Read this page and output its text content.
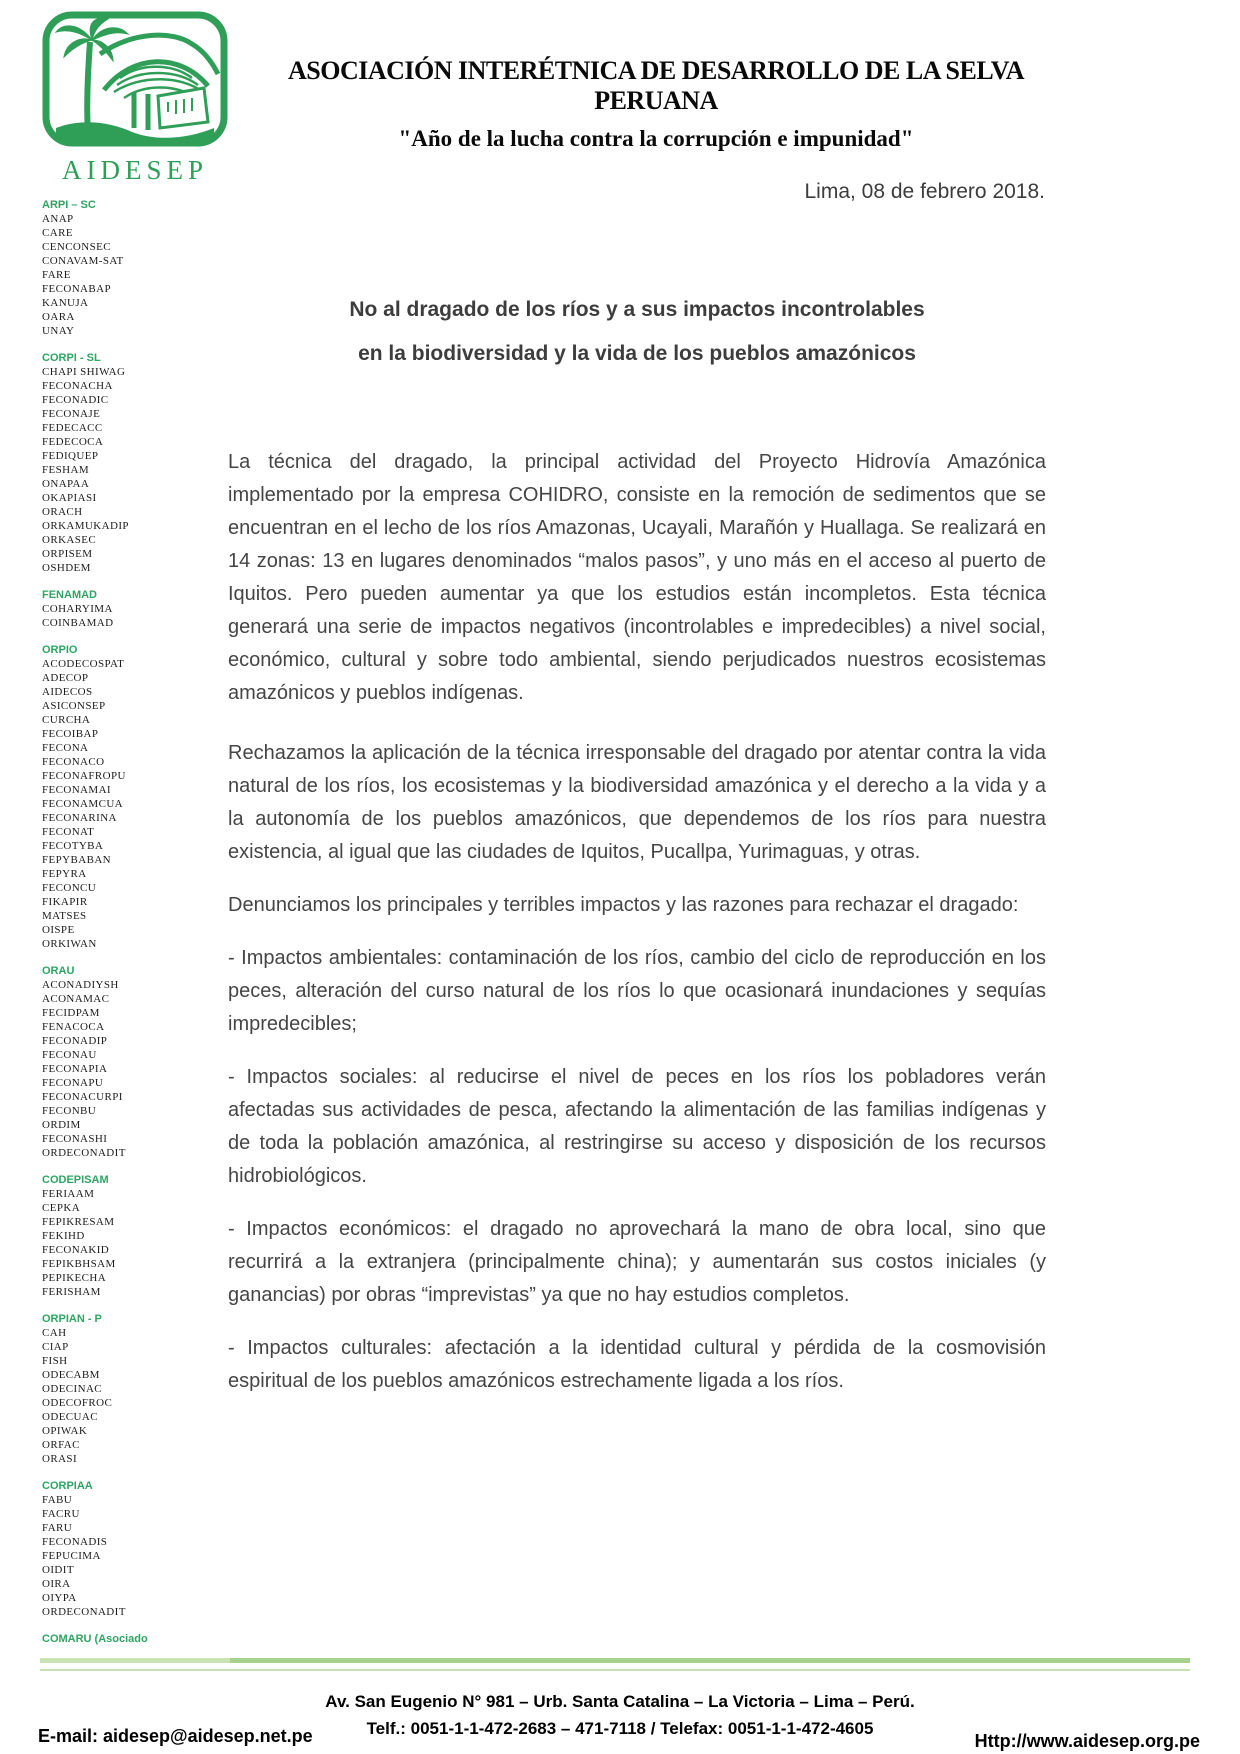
AIDESEP
ASOCIACIÓN INTERÉTNICA DE DESARROLLO DE LA SELVA PERUANA
"Año de la lucha contra la corrupción e impunidad"
Lima, 08 de febrero 2018.
ARPI – SC
ANAP
CARE
CENCONSEC
CONAVAM-SAT
FARE
FECONABAP
KANUJA
OARA
UNAY
CORPI - SL
CHAPI SHIWAG
FECONACHA
FECONADIC
FECONAJE
FEDECACC
FEDECOCA
FEDIQUEP
FESHAM
ONAPAA
OKAPIASI
ORACH
ORKAMUKADIP
ORKASEC
ORPISEM
OSHDEM
FENAMAD
COHARYIMA
COINBAMAD
ORPIO
ACODECOSPAT
ADECOP
AIDECOS
ASICONSEP
CURCHA
FECOIBAP
FECONA
FECONACO
FECONAFROPU
FECONAMAI
FECONAMCUA
FECONARINA
FECONAT
FECOTYBA
FEPYBABAN
FEPYRA
FECONCU
FIKAPIR
MATSES
OISPE
ORKIWAN
ORAU
ACONADIYSH
ACONAMAC
FECIDPAM
FENACOCA
FECONADIP
FECONAU
FECONAPIA
FECONAPU
FECONACURPI
FECONBU
ORDIM
FECONASHI
ORDECONADIT
CODEPISAM
FERIAAM
CEPKA
FEPIKRESAM
FEKIHD
FECONAKID
FEPIKBHSAM
PEPIKECHA
FERISHAM
ORPIAN - P
CAH
CIAP
FISH
ODECABM
ODECINAC
ODECOFROC
ODECUAC
OPIWAK
ORFAC
ORASI
CORPIAA
FABU
FACRU
FARU
FECONADIS
FEPUCIMA
OIDIT
OIRA
OIYPA
ORDECONADIT
COMARU (Asociado
No al dragado de los ríos y a sus impactos incontrolables
en la biodiversidad y la vida de los pueblos amazónicos

La técnica del dragado, la principal actividad del Proyecto Hidrovía Amazónica implementado por la empresa COHIDRO, consiste en la remoción de sedimentos que se encuentran en el lecho de los ríos Amazonas, Ucayali, Marañón y Huallaga. Se realizará en 14 zonas: 13 en lugares denominados “malos pasos”, y uno más en el acceso al puerto de Iquitos. Pero pueden aumentar ya que los estudios están incompletos. Esta técnica generará una serie de impactos negativos (incontrolables e impredecibles) a nivel social, económico, cultural y sobre todo ambiental, siendo perjudicados nuestros ecosistemas amazónicos y pueblos indígenas.

Rechazamos la aplicación de la técnica irresponsable del dragado por atentar contra la vida natural de los ríos, los ecosistemas y la biodiversidad amazónica y el derecho a la vida y a la autonomía de los pueblos amazónicos, que dependemos de los ríos para nuestra existencia, al igual que las ciudades de Iquitos, Pucallpa, Yurimaguas, y otras.

Denunciamos los principales y terribles impactos y las razones para rechazar el dragado:

- Impactos ambientales: contaminación de los ríos, cambio del ciclo de reproducción en los peces, alteración del curso natural de los ríos lo que ocasionará inundaciones y sequías impredecibles;

- Impactos sociales: al reducirse el nivel de peces en los ríos los pobladores verán afectadas sus actividades de pesca, afectando la alimentación de las familias indígenas y de toda la población amazónica, al restringirse su acceso y disposición de los recursos hidrobiológicos.

- Impactos económicos: el dragado no aprovechará la mano de obra local, sino que recurrirá a la extranjera (principalmente china); y aumentarán sus costos iniciales (y ganancias) por obras “imprevistas” ya que no hay estudios completos.

- Impactos culturales: afectación a la identidad cultural y pérdida de la cosmovisión espiritual de los pueblos amazónicos estrechamente ligada a los ríos.

Av. San Eugenio N° 981 – Urb. Santa Catalina – La Victoria – Lima – Perú.
Telf.: 0051-1-1-472-2683 – 471-7118 / Telefax: 0051-1-1-472-4605
E-mail: aidesep@aidesep.net.pe	Http://www.aidesep.org.pe
